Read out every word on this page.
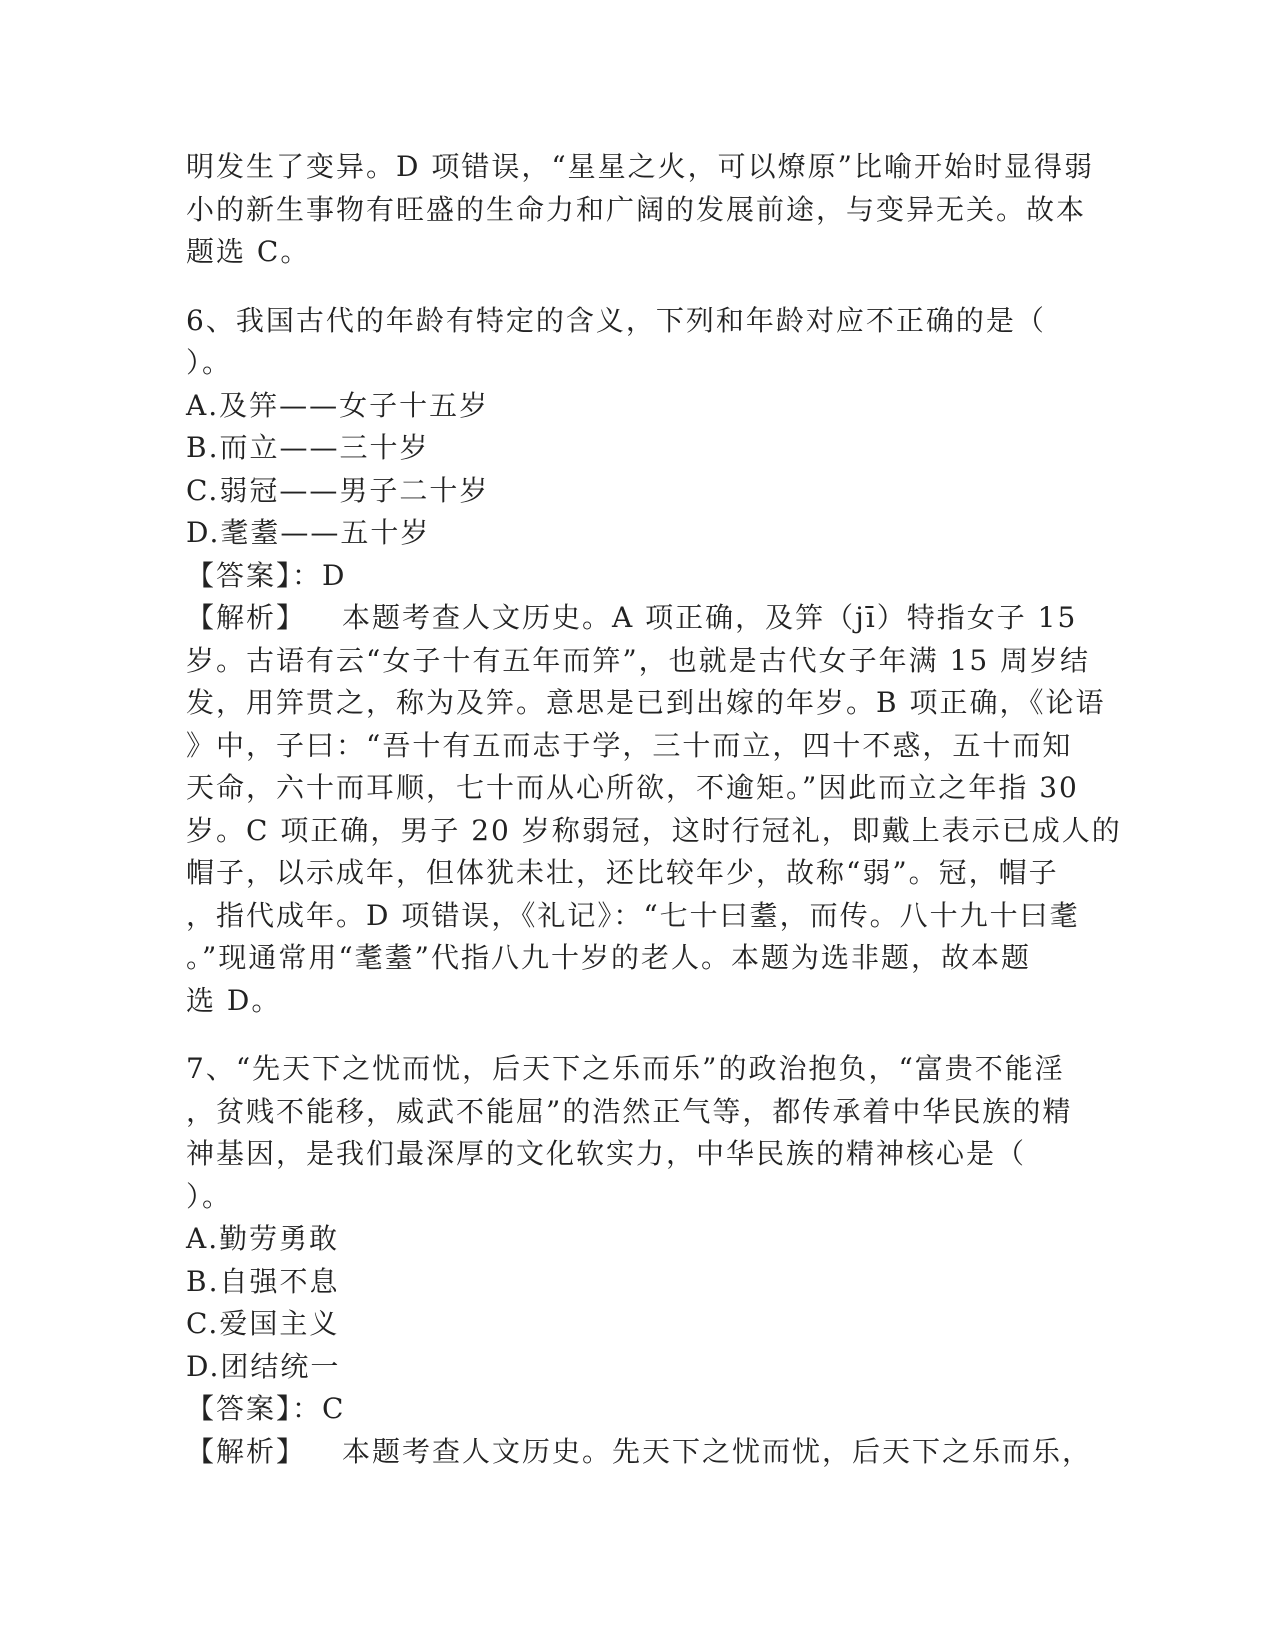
明发生了变异。D 项错误，“星星之火，可以燎原”比喻开始时显得弱
小的新生事物有旺盛的生命力和广阔的发展前途，与变异无关。故本
题选 C。
6、我国古代的年龄有特定的含义，下列和年龄对应不正确的是（
）。
A.及笄——女子十五岁
B.而立——三十岁
C.弱冠——男子二十岁
D.耄耋——五十岁
【答案】：D
【解析】 本题考查人文历史。A 项正确，及笄（jī）特指女子 15
岁。古语有云“女子十有五年而笄”，也就是古代女子年满 15 周岁结
发，用笄贯之，称为及笄。意思是已到出嫁的年岁。B 项正确，《论语
》中，子曰：“吾十有五而志于学，三十而立，四十不惑，五十而知
天命，六十而耳顺，七十而从心所欲，不逾矩。”因此而立之年指 30
岁。C 项正确，男子 20 岁称弱冠，这时行冠礼，即戴上表示已成人的
帽子，以示成年，但体犹未壮，还比较年少，故称“弱”。冠，帽子
，指代成年。D 项错误，《礼记》：“七十曰耋，而传。八十九十曰耄
。”现通常用“耄耋”代指八九十岁的老人。本题为选非题，故本题
选 D。
7、“先天下之忧而忧，后天下之乐而乐”的政治抱负，“富贵不能淫
，贫贱不能移，威武不能屈”的浩然正气等，都传承着中华民族的精
神基因，是我们最深厚的文化软实力，中华民族的精神核心是（
）。
A.勤劳勇敢
B.自强不息
C.爱国主义
D.团结统一
【答案】：C
【解析】 本题考查人文历史。先天下之忧而忧，后天下之乐而乐，
